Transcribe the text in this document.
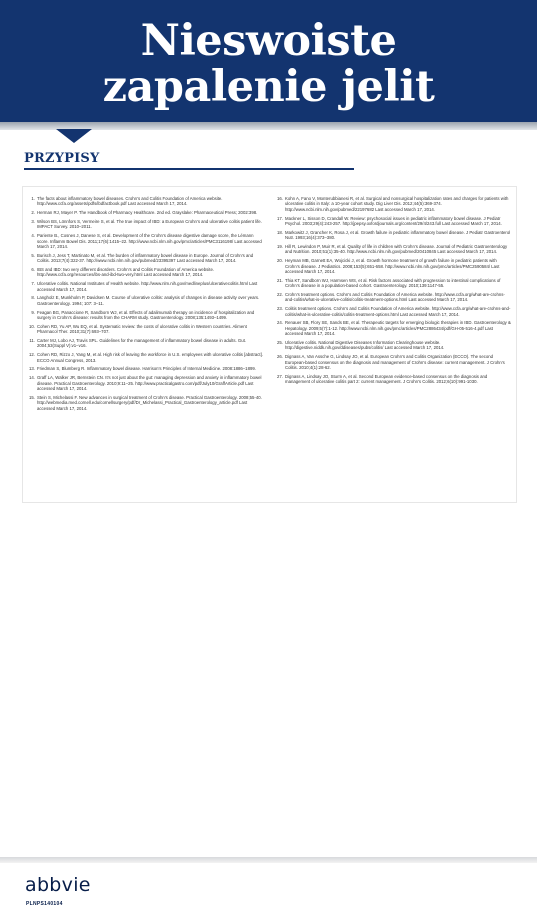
Nieswoiste
zapalenie jelit
PRZYPISY
1. The facts about inflammatory bowel diseases. Crohn’s and Colitis Foundation of America website. http://www.ccfa.org/assets/pdfs/ibdfactbook.pdf Last accessed March 17, 2014.
2. Herman RJ, Mayer P. The Handbook of Pharmacy Healthcare. 2nd ed. Grayslake: Pharmaceutical Press; 2002:398.
3. Wilson BS, Lönnfors S, Vermeire S, et al. The true impact of IBD: a European Crohn’s and ulcerative colitis patient life. IMPACT Survey. 2010–2011.
4. Pariente B., Cosnes J, Danese S, et al. Development of the Crohn’s disease digestive damage score, the Lémann score. Inflamm Bowel Dis. 2011;17(6):1415–22. http://www.ncbi.nlm.nih.gov/pmc/articles/PMC3116198/ Last accessed March 17, 2014.
5. Burisch J, Jess T, Martinato M, et al. The burden of inflammatory bowel disease in Europe. Journal of Crohn’s and Colitis. 2013;7(4):322-37. http://www.ncbi.nlm.nih.gov/pubmed/23395397 Last accessed March 17, 2014.
6. IBS and IBD: two very different disorders. Crohn’s and Colitis Foundation of America website. http://www.ccfa.org/resources/ibs-and-ibd-two-very.html Last accessed March 17, 2014.
7. Ulcerative colitis. National Institutes of Health website. http://www.nlm.nih.gov/medlineplus/ulcerativecolitis.html Last accessed March 17, 2014.
8. Langholz E, Munkholm P, Davidsen M. Course of ulcerative colitis: analysis of changes in disease activity over years. Gastroenterology. 1994; 107: 3–11.
9. Feagan BG, Panaccione R, Sandborn WJ, et al. Effects of adalimumab therapy on incidence of hospitalization and surgery in Crohn’s disease: results from the CHARM study. Gastroenterology. 2008;135:1493–1499.
10. Cohen RD, Yu AP, Wu EQ, et al. Systematic review: the costs of ulcerative colitis in Western countries. Aliment Pharmacol Ther. 2010;31(7):693–707.
11. Carter MJ, Lobo AJ, Travis SPL. Guidelines for the management of inflammatory bowel disease in adults. Gut. 2004;53(Suppl V):v1–v16.
12. Cohen RD, Rizzo J, Yang M, et al. High risk of leaving the workforce in U.S. employees with ulcerative colitis [abstract]. ECCO Annual Congress, 2013.
13. Friedman S, Blumberg R. Inflammatory bowel disease. Harrison’s Principles of Internal Medicine. 2008:1886–1899.
14. Graff LA, Walker JR, Bernstein CN. It’s not just about the gut: managing depression and anxiety in inflammatory bowel disease. Practical Gastroenterology. 2010;9:11–25. http://www.practicalgastro.com/pdf/July10/GraffArticle.pdf Last accessed March 17, 2014.
15. Stein S, Michelassi F. New advances in surgical treatment of Crohn’s disease. Practical Gastroenterology. 2008;55-40. http://webmedia.med.cornell.edu/cornellsurgery/pdf/Dr_Michelassi_Practical_Gastroenterology_article.pdf Last accessed March 17, 2014.
16. Kohn A, Fano V, Monterubbianesi R, et al. Surgical and nonsurgical hospitalization rates and charges for patients with ulcerative colitis in Italy: a 10-year cohort study. Dig Liver Dis. 2012;44(5):369-374. http://www.ncbi.nlm.nih.gov/pubmed/22197682 Last accessed March 17, 2014.
17. Mackner L, Sisson D, Crandall W. Review: psychosocial issues in pediatric inflammatory bowel disease. J Pediatr Psychol. 2003;29(4):243-257. http://jpepsy.oxfordjournals.org/content/29/4/243.full Last accessed March 17, 2014.
18. Markowitz J, Grancher K, Rosa J, et al. Growth failure in pediatric inflammatory bowel disease. J Pediatr Gastroenterol Nutr. 1993;16(4):373–380.
19. Hill R, Lewindon P, Muir R, et al. Quality of life in children with Crohn’s disease. Journal of Pediatric Gastroenterology and Nutrition. 2010;51(1):35-40. http://www.ncbi.nlm.nih.gov/pubmed/20410845 Last accessed March 17, 2014.
20. Heyman MB, Garnett EA, Wojcicki J, et al. Growth hormone treatment of growth failure in pediatric patients with Crohn’s disease. J Pediatrics. 2008;153(5):651-658. http://www.ncbi.nlm.nih.gov/pmc/articles/PMC2590584/ Last accessed March 17, 2014.
21. Thia KT, Sandborn WJ, Harmsen WS, et al. Risk factors associated with progression to intestinal complications of Crohn’s disease in a population-based cohort. Gastroenterology. 2010;139:1147-55.
22. Crohn’s treatment options. Crohn’s and Colitis Foundation of America website. http://www.ccfa.org/what-are-crohns-and-colitis/what-is-ulcerative-colitis/colitis-treatment-options.html Last accessed March 17, 2014.
23. Colitis treatment options. Crohn’s and Colitis Foundation of America website. http://www.ccfa.org/what-are-crohns-and-colitis/what-is-ulcerative-colitis/colitis-treatment-options.html Last accessed March 17, 2014.
24. Renauer SB, Flory SE, Sands BE, et al. Therapeutic targets for emerging biologic therapies in IBD. Gastroenterology & Hepatology. 2009;5(7):1-12. http://www.ncbi.nlm.nih.gov/pmc/articles/PMC2886434/pdf/GH-05-516-4.pdf Last accessed March 17, 2014.
25. Ulcerative colitis. National Digestive Diseases Information Clearinghouse website. http://digestive.niddk.nih.gov/ddiseases/pubs/colitis/ Last accessed March 17, 2014.
26. Dignass A, Van Assche G, Lindsay JO, et al. European Crohn’s and Colitis Organization (ECCO). The second European-based consensus on the diagnosis and management of Crohn’s disease: current management. J Crohn’s Colitis. 2010;4(1):28-62.
27. Dignass A, Lindsay JO, Sturm A, et al. Second European evidence-based consensus on the diagnosis and management of ulcerative colitis part 2: current management. J Crohn’s Colitis. 2012;6(10):991-1030.
abbvie
PLNPS140104
